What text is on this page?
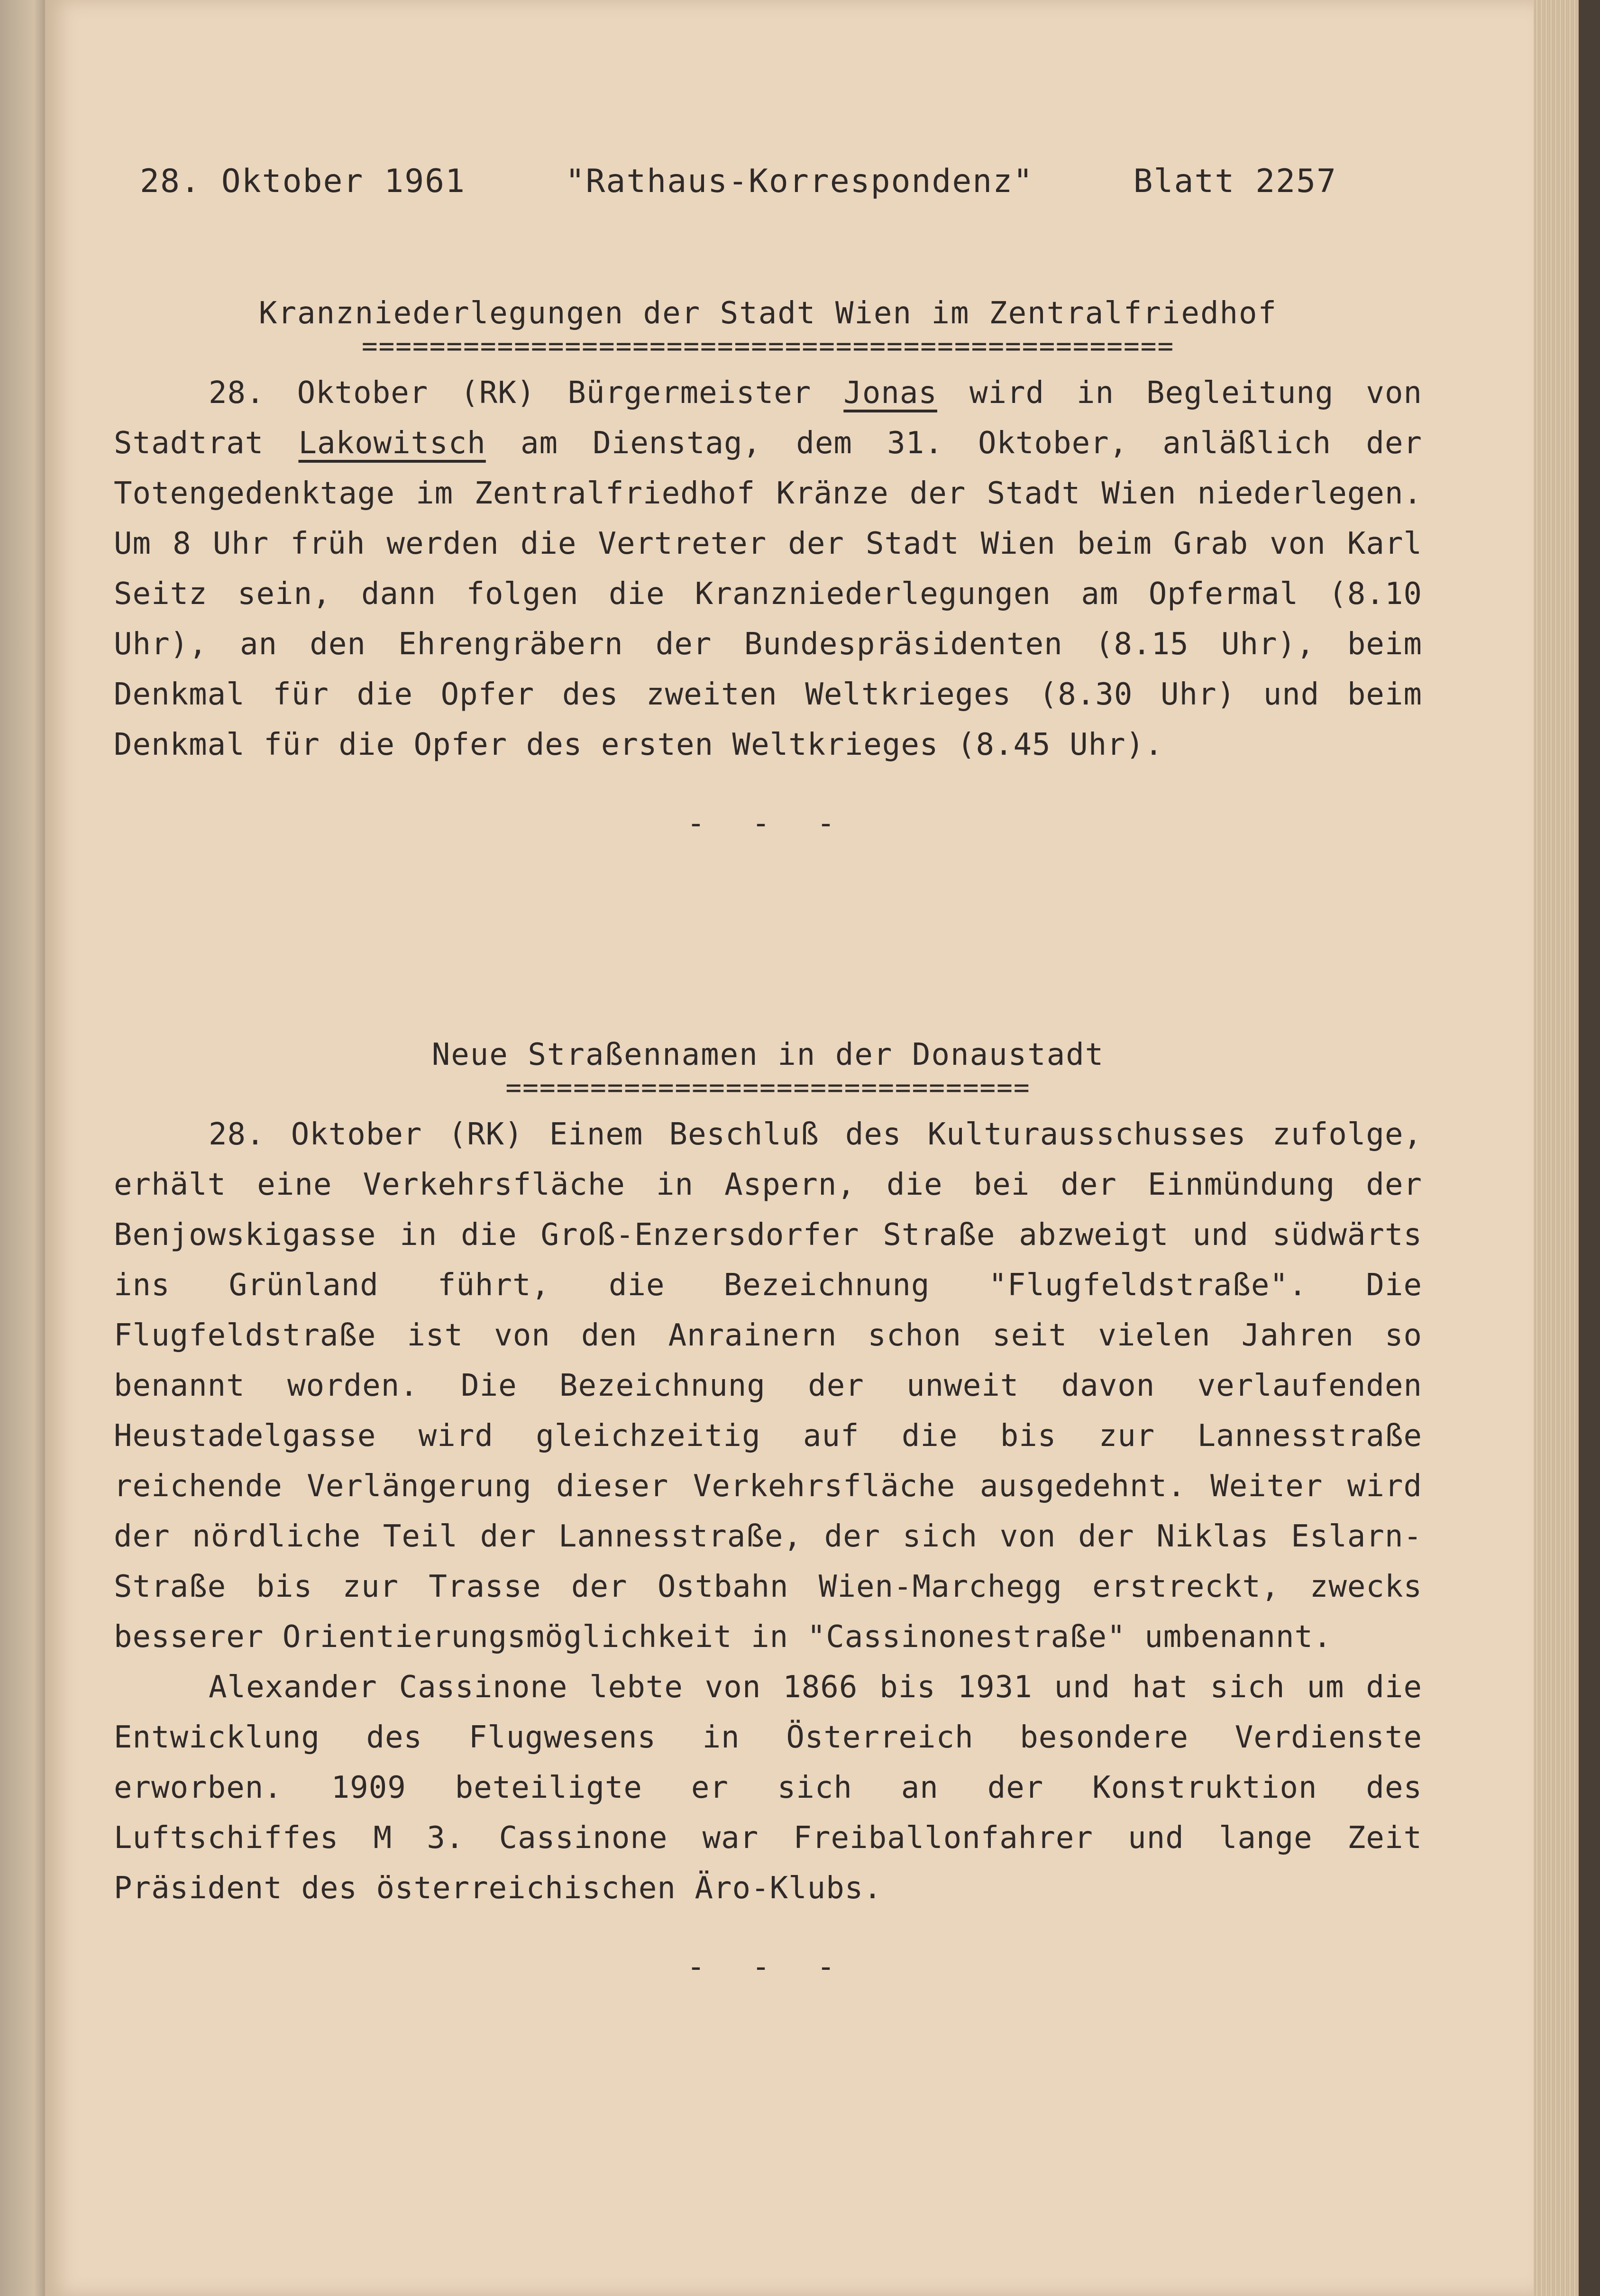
28. Oktober 1961	"Rathaus-Korrespondenz"	Blatt 2257
Kranzniederlegungen der Stadt Wien im Zentralfriedhof
================================================

28. Oktober (RK) Bürgermeister Jonas wird in Begleitung von Stadtrat Lakowitsch am Dienstag, dem 31. Oktober, anläßlich der Totengedenktage im Zentralfriedhof Kränze der Stadt Wien niederlegen. Um 8 Uhr früh werden die Vertreter der Stadt Wien beim Grab von Karl Seitz sein, dann folgen die Kranzniederlegungen am Opfermal (8.10 Uhr), an den Ehrengräbern der Bundespräsidenten (8.15 Uhr), beim Denkmal für die Opfer des zweiten Weltkrieges (8.30 Uhr) und beim Denkmal für die Opfer des ersten Weltkrieges (8.45 Uhr).

- - -
Neue Straßennamen in der Donaustadt
===============================

28. Oktober (RK) Einem Beschluß des Kulturausschusses zufolge, erhält eine Verkehrsfläche in Aspern, die bei der Einmündung der Benjowskigasse in die Groß-Enzersdorfer Straße abzweigt und südwärts ins Grünland führt, die Bezeichnung "Flugfeldstraße". Die Flugfeldstraße ist von den Anrainern schon seit vielen Jahren so benannt worden. Die Bezeichnung der unweit davon verlaufenden Heustadelgasse wird gleichzeitig auf die bis zur Lannesstraße reichende Verlängerung dieser Verkehrsfläche ausgedehnt. Weiter wird der nördliche Teil der Lannesstraße, der sich von der Niklas Eslarn-Straße bis zur Trasse der Ostbahn Wien-Marchegg erstreckt, zwecks besserer Orientierungsmöglichkeit in "Cassinonestraße" umbenannt.

Alexander Cassinone lebte von 1866 bis 1931 und hat sich um die Entwicklung des Flugwesens in Österreich besondere Verdienste erworben. 1909 beteiligte er sich an der Konstruktion des Luftschiffes M 3. Cassinone war Freiballonfahrer und lange Zeit Präsident des österreichischen Äro-Klubs.

- - -
